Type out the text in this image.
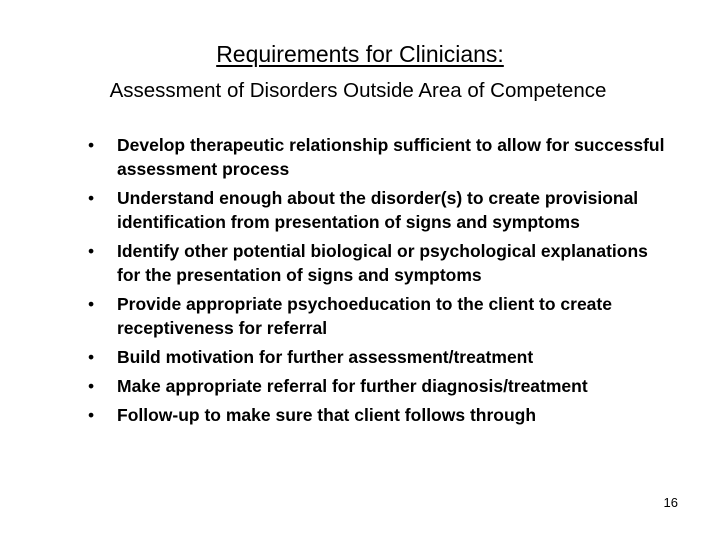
Requirements for Clinicians:
Assessment of Disorders Outside Area of Competence
• Develop therapeutic relationship sufficient to allow for successful assessment process
• Understand enough about the disorder(s) to create provisional identification from presentation of signs and symptoms
• Identify other potential biological or psychological explanations for the presentation of signs and symptoms
• Provide appropriate psychoeducation to the client to create receptiveness for referral
• Build motivation for further assessment/treatment
• Make appropriate referral for further diagnosis/treatment
• Follow-up to make sure that client follows through
16
